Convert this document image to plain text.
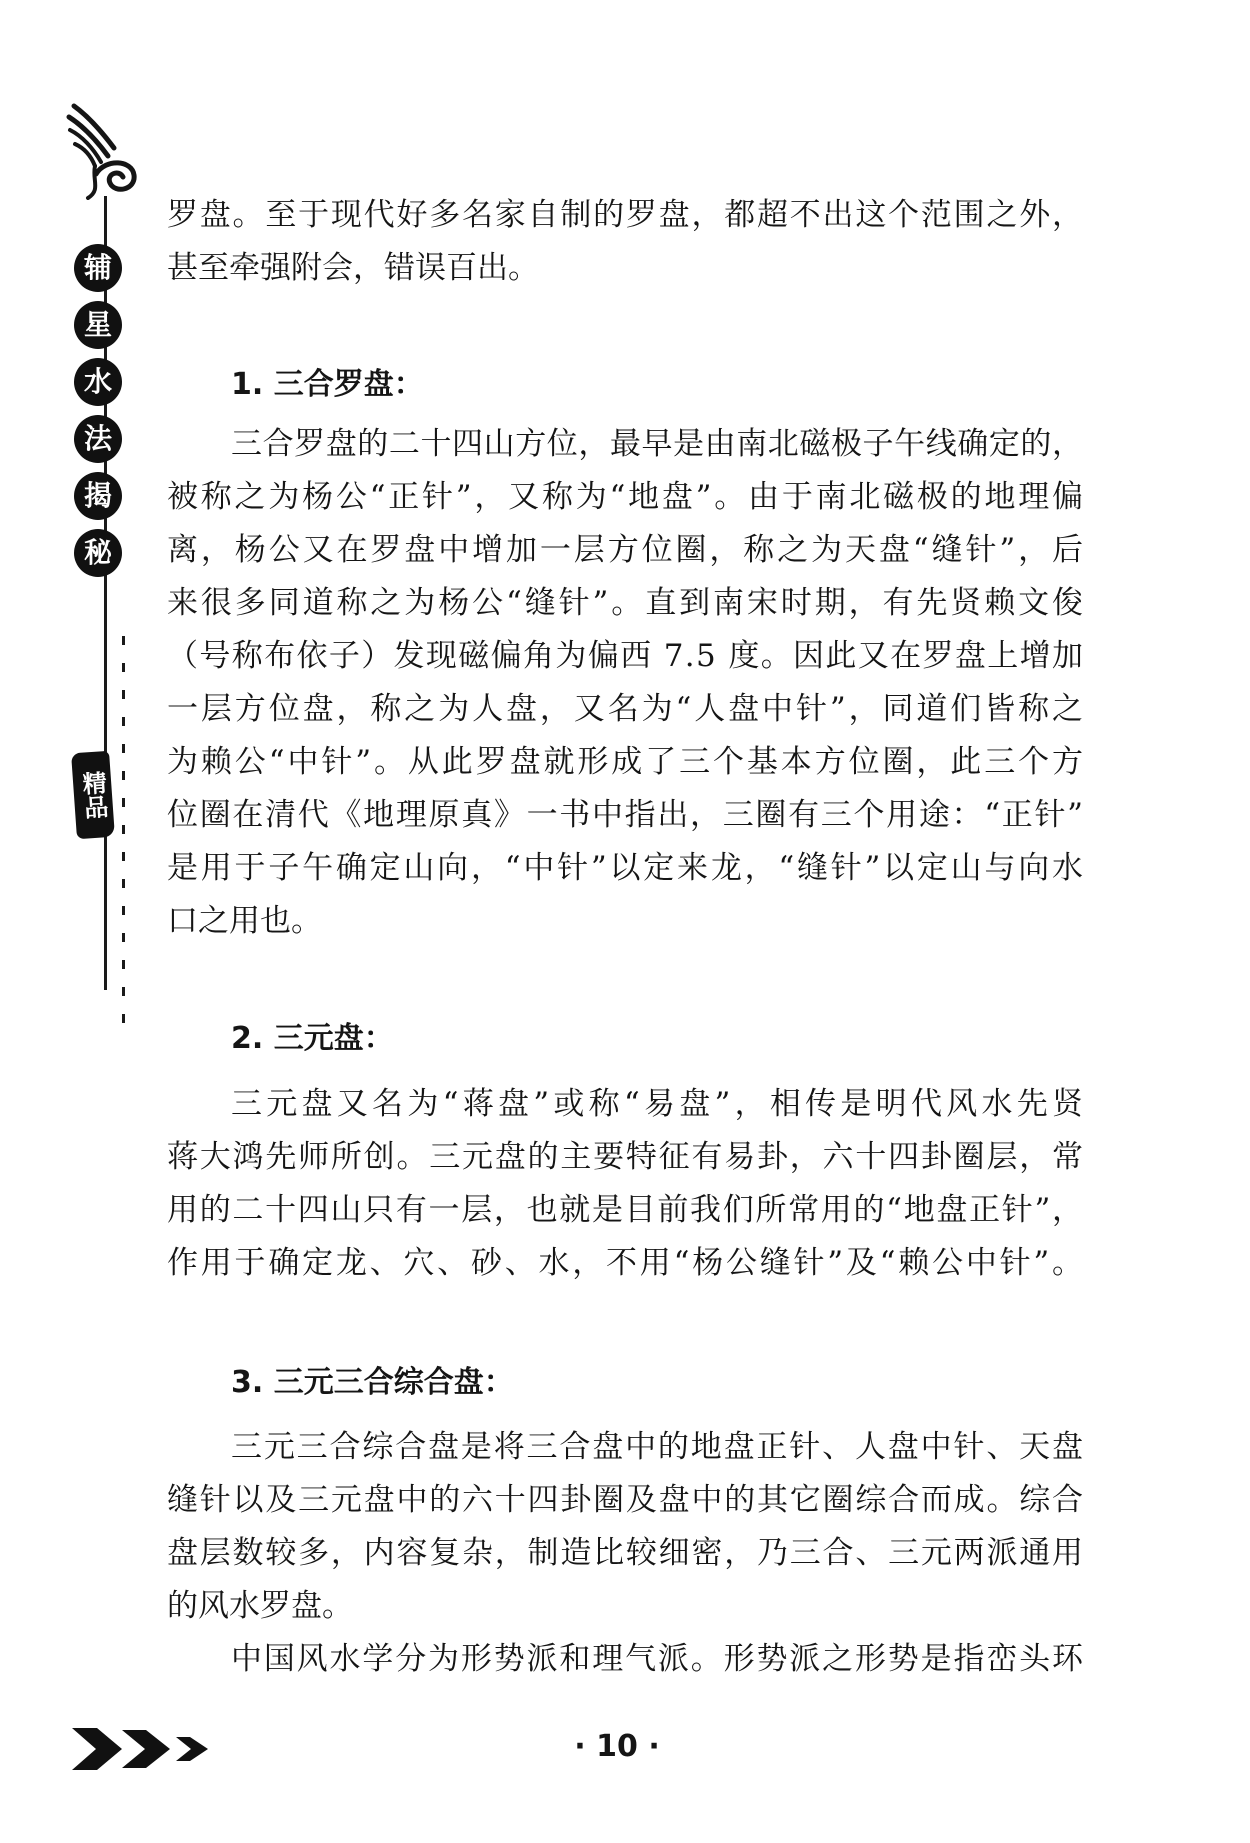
辅
星
水
法
揭
秘
精品
罗盘。至于现代好多名家自制的罗盘，都超不出这个范围之外，
甚至牵强附会，错误百出。
1. 三合罗盘：
三合罗盘的二十四山方位，最早是由南北磁极子午线确定的，
被称之为杨公“正针”，又称为“地盘”。由于南北磁极的地理偏
离，杨公又在罗盘中增加一层方位圈，称之为天盘“缝针”，后
来很多同道称之为杨公“缝针”。直到南宋时期，有先贤赖文俊
（号称布依子）发现磁偏角为偏西 7.5 度。因此又在罗盘上增加
一层方位盘，称之为人盘，又名为“人盘中针”，同道们皆称之
为赖公“中针”。从此罗盘就形成了三个基本方位圈，此三个方
位圈在清代《地理原真》一书中指出，三圈有三个用途：“正针”
是用于子午确定山向，“中针”以定来龙，“缝针”以定山与向水
口之用也。
2. 三元盘：
三元盘又名为“蒋盘”或称“易盘”，相传是明代风水先贤
蒋大鸿先师所创。三元盘的主要特征有易卦，六十四卦圈层，常
用的二十四山只有一层，也就是目前我们所常用的“地盘正针”，
作用于确定龙、穴、砂、水，不用“杨公缝针”及“赖公中针”。
3. 三元三合综合盘：
三元三合综合盘是将三合盘中的地盘正针、人盘中针、天盘
缝针以及三元盘中的六十四卦圈及盘中的其它圈综合而成。综合
盘层数较多，内容复杂，制造比较细密，乃三合、三元两派通用
的风水罗盘。
中国风水学分为形势派和理气派。形势派之形势是指峦头环
· 10 ·
